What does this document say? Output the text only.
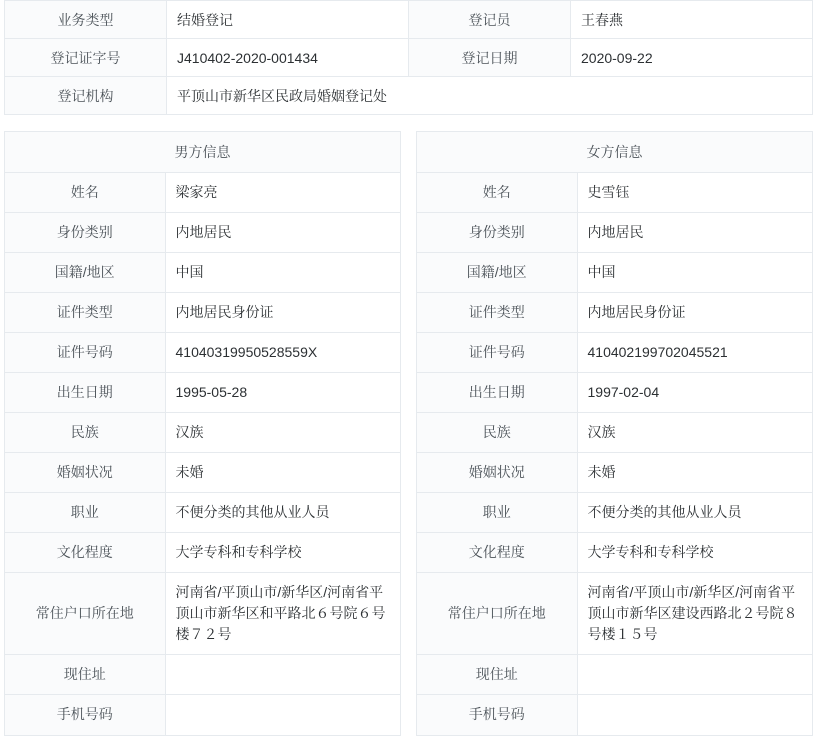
业务类型	结婚登记	登记员	王春燕
登记证字号	J410402-2020-001434	登记日期	2020-09-22
登记机构	平顶山市新华区民政局婚姻登记处		
男方信息
姓名	梁家亮
身份类别	内地居民
国籍/地区	中国
证件类型	内地居民身份证
证件号码	41040319950528559X
出生日期	1995-05-28
民族	汉族
婚姻状况	未婚
职业	不便分类的其他从业人员
文化程度	大学专科和专科学校
常住户口所在地	河南省/平顶山市/新华区/河南省平顶山市新华区和平路北６号院６号楼７２号
现住址	
手机号码	
女方信息
姓名	史雪钰
身份类别	内地居民
国籍/地区	中国
证件类型	内地居民身份证
证件号码	410402199702045521
出生日期	1997-02-04
民族	汉族
婚姻状况	未婚
职业	不便分类的其他从业人员
文化程度	大学专科和专科学校
常住户口所在地	河南省/平顶山市/新华区/河南省平顶山市新华区建设西路北２号院８号楼１５号
现住址	
手机号码	
